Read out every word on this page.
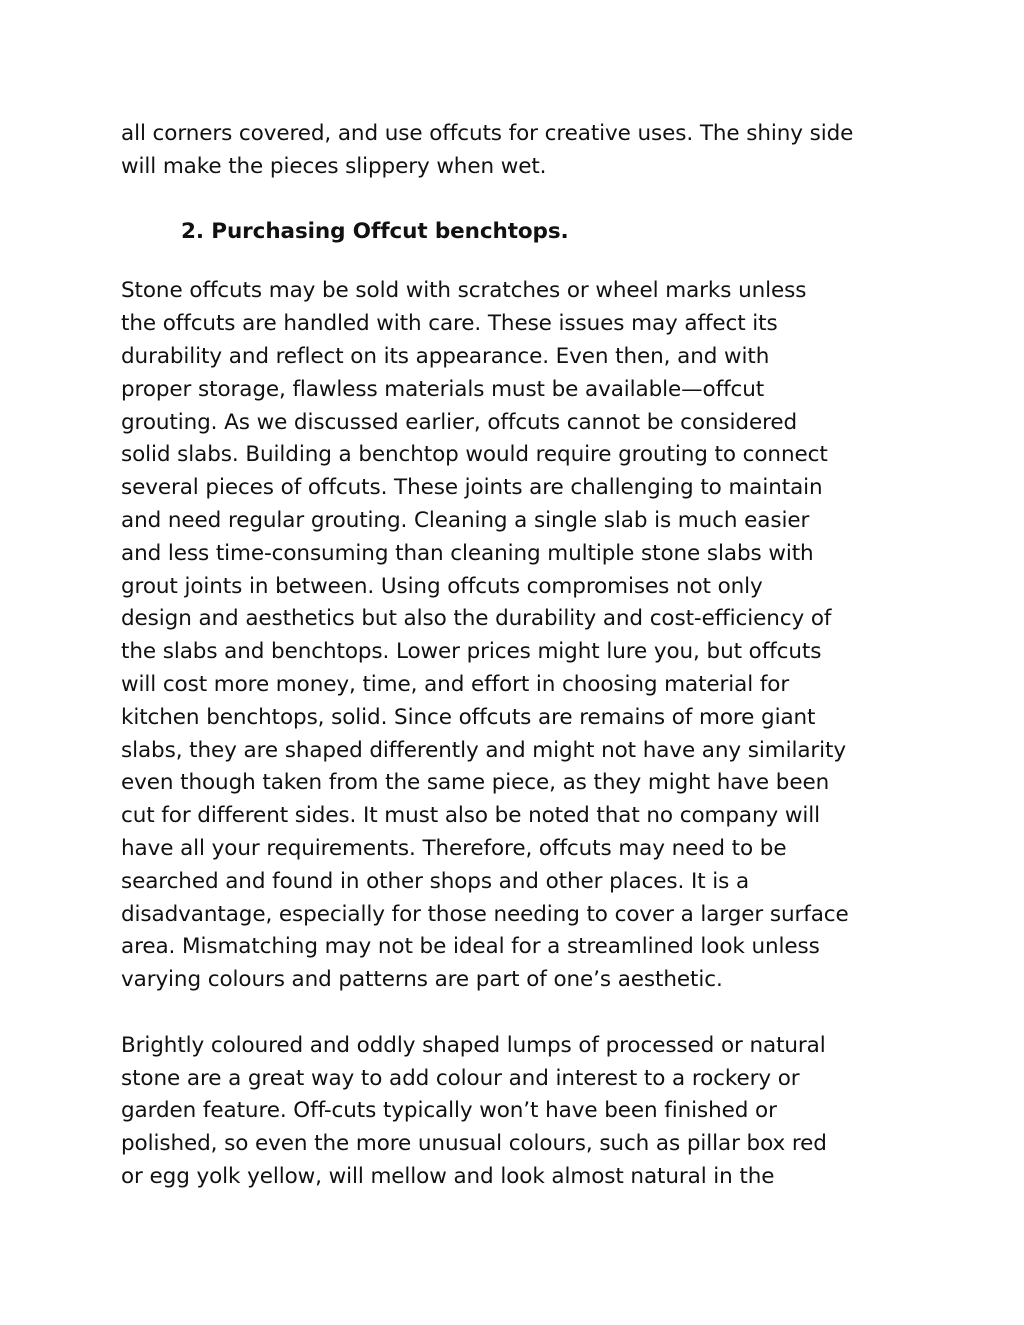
all corners covered, and use offcuts for creative uses. The shiny side
will make the pieces slippery when wet.

2. Purchasing Offcut benchtops.

Stone offcuts may be sold with scratches or wheel marks unless
the offcuts are handled with care. These issues may affect its
durability and reflect on its appearance. Even then, and with
proper storage, flawless materials must be available—offcut
grouting. As we discussed earlier, offcuts cannot be considered
solid slabs. Building a benchtop would require grouting to connect
several pieces of offcuts. These joints are challenging to maintain
and need regular grouting. Cleaning a single slab is much easier
and less time-consuming than cleaning multiple stone slabs with
grout joints in between. Using offcuts compromises not only
design and aesthetics but also the durability and cost-efficiency of
the slabs and benchtops. Lower prices might lure you, but offcuts
will cost more money, time, and effort in choosing material for
kitchen benchtops, solid. Since offcuts are remains of more giant
slabs, they are shaped differently and might not have any similarity
even though taken from the same piece, as they might have been
cut for different sides. It must also be noted that no company will
have all your requirements. Therefore, offcuts may need to be
searched and found in other shops and other places. It is a
disadvantage, especially for those needing to cover a larger surface
area. Mismatching may not be ideal for a streamlined look unless
varying colours and patterns are part of one’s aesthetic.

Brightly coloured and oddly shaped lumps of processed or natural
stone are a great way to add colour and interest to a rockery or
garden feature. Off-cuts typically won’t have been finished or
polished, so even the more unusual colours, such as pillar box red
or egg yolk yellow, will mellow and look almost natural in the
